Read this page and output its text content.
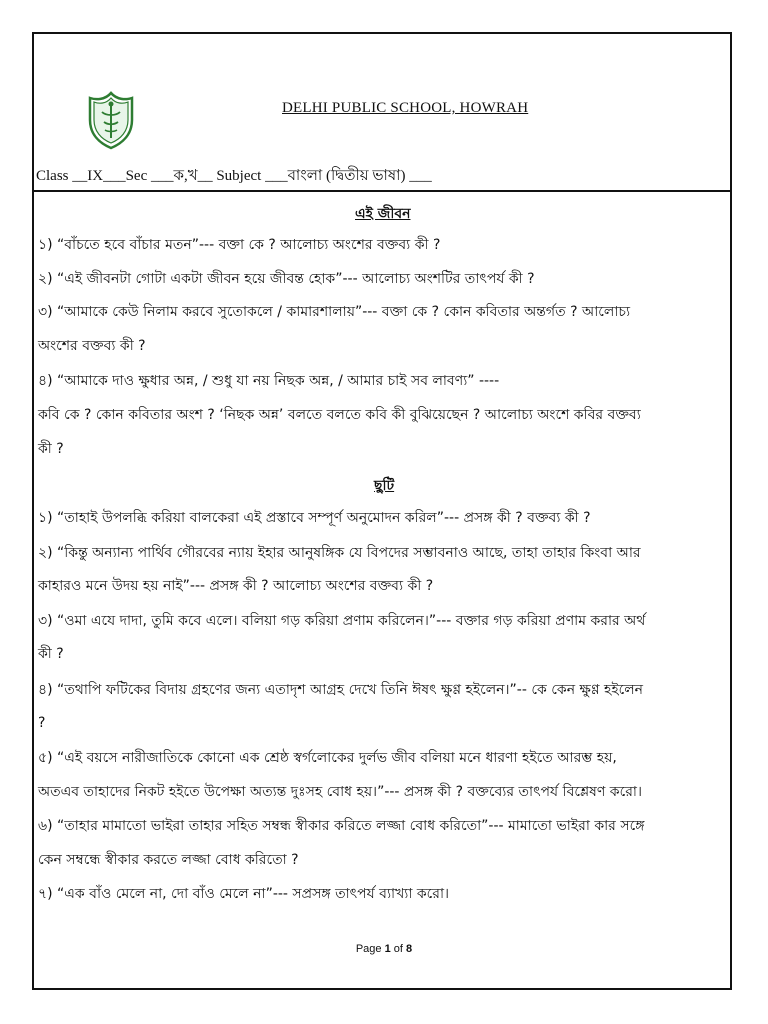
DELHI PUBLIC SCHOOL, HOWRAH
Class __IX___Sec ___ক,খ__ Subject ___বাংলা (দ্বিতীয় ভাষা) ___
এই জীবন
১) “বাঁচতে হবে বাঁচার মতন”--- বক্তা কে ? আলোচ্য অংশের বক্তব্য কী ?
২) “এই জীবনটা গোটা একটা জীবন হয়ে জীবন্ত হোক”--- আলোচ্য অংশটির তাৎপর্য কী ?
৩) “আমাকে কেউ নিলাম করবে সুতোকলে / কামারশালায়”--- বক্তা কে ? কোন কবিতার অন্তর্গত ? আলোচ্য
অংশের বক্তব্য কী ?
৪) “আমাকে দাও ক্ষুধার অন্ন, / শুধু যা নয় নিছক অন্ন, / আমার চাই সব লাবণ্য” ----
কবি কে ? কোন কবিতার অংশ ? ‘নিছক অন্ন’ বলতে বলতে কবি কী বুঝিয়েছেন ? আলোচ্য অংশে কবির বক্তব্য
কী ?
ছুটি
১) “তাহাই উপলব্ধি করিয়া বালকেরা এই প্রস্তাবে সম্পূর্ণ অনুমোদন করিল”--- প্রসঙ্গ কী ? বক্তব্য কী ?
২) “কিন্তু অন্যান্য পার্থিব গৌরবের ন্যায় ইহার আনুষঙ্গিক যে বিপদের সম্ভাবনাও আছে, তাহা তাহার কিংবা আর
কাহারও মনে উদয় হয় নাই”--- প্রসঙ্গ কী ? আলোচ্য অংশের বক্তব্য কী ?
৩) “ওমা এযে দাদা, তুমি কবে এলে। বলিয়া গড় করিয়া প্রণাম করিলেন।”--- বক্তার গড় করিয়া প্রণাম করার অর্থ
কী ?
৪) “তথাপি ফটিকের বিদায় গ্রহণের জন্য এতাদৃশ আগ্রহ দেখে তিনি ঈষৎ ক্ষুণ্ণ হইলেন।”-- কে কেন ক্ষুণ্ণ হইলেন
?
৫) “এই বয়সে নারীজাতিকে কোনো এক শ্রেষ্ঠ স্বর্গলোকের দুর্লভ জীব বলিয়া মনে ধারণা হইতে আরম্ভ হয়,
অতএব তাহাদের নিকট হইতে উপেক্ষা অত্যন্ত দুঃসহ বোধ হয়।”--- প্রসঙ্গ কী ? বক্তব্যের তাৎপর্য বিশ্লেষণ করো।
৬) “তাহার মামাতো ভাইরা তাহার সহিত সম্বন্ধ স্বীকার করিতে লজ্জা বোধ করিতো”--- মামাতো ভাইরা কার সঙ্গে
কেন সম্বন্ধে স্বীকার করতে লজ্জা বোধ করিতো ?
৭) “এক বাঁও মেলে না, দো বাঁও মেলে না”--- সপ্রসঙ্গ তাৎপর্য ব্যাখ্যা করো।
Page 1 of 8
